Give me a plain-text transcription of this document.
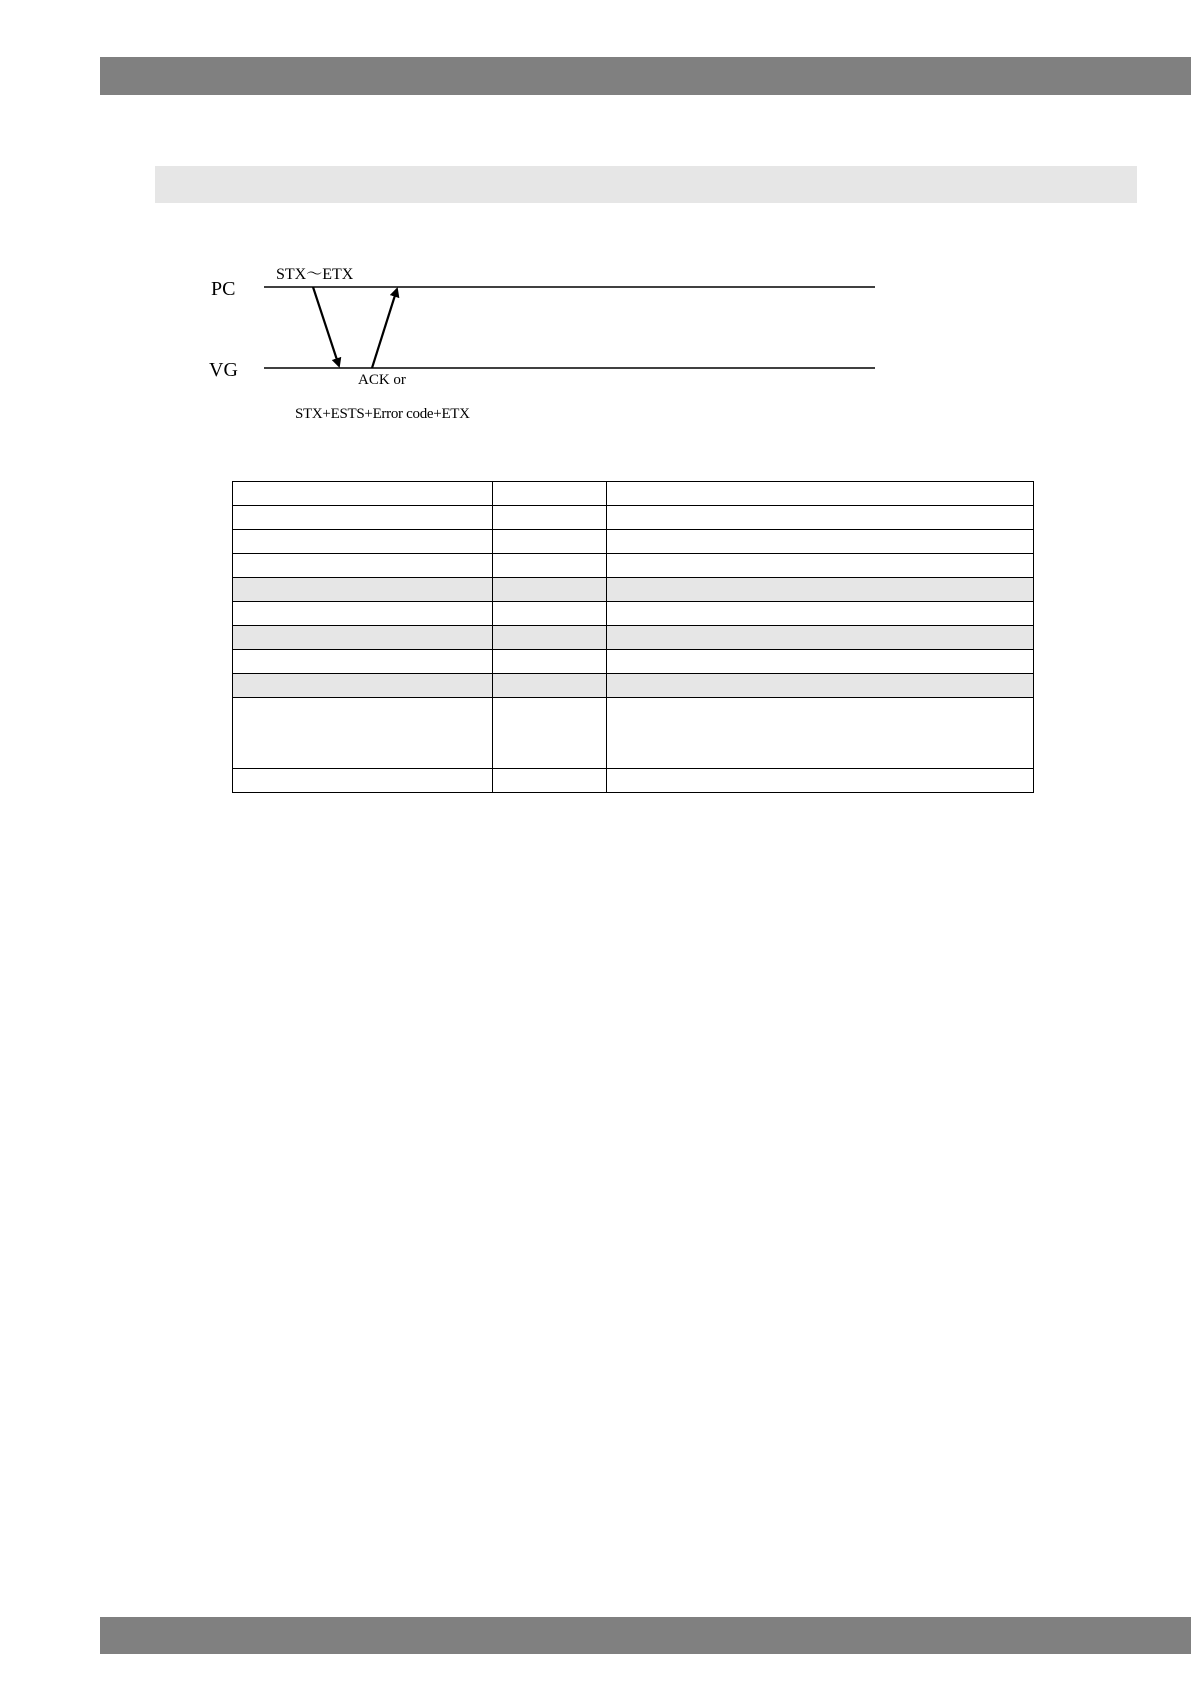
PC
VG
STX～ETX
ACK or
STX+ESTS+Error code+ETX
